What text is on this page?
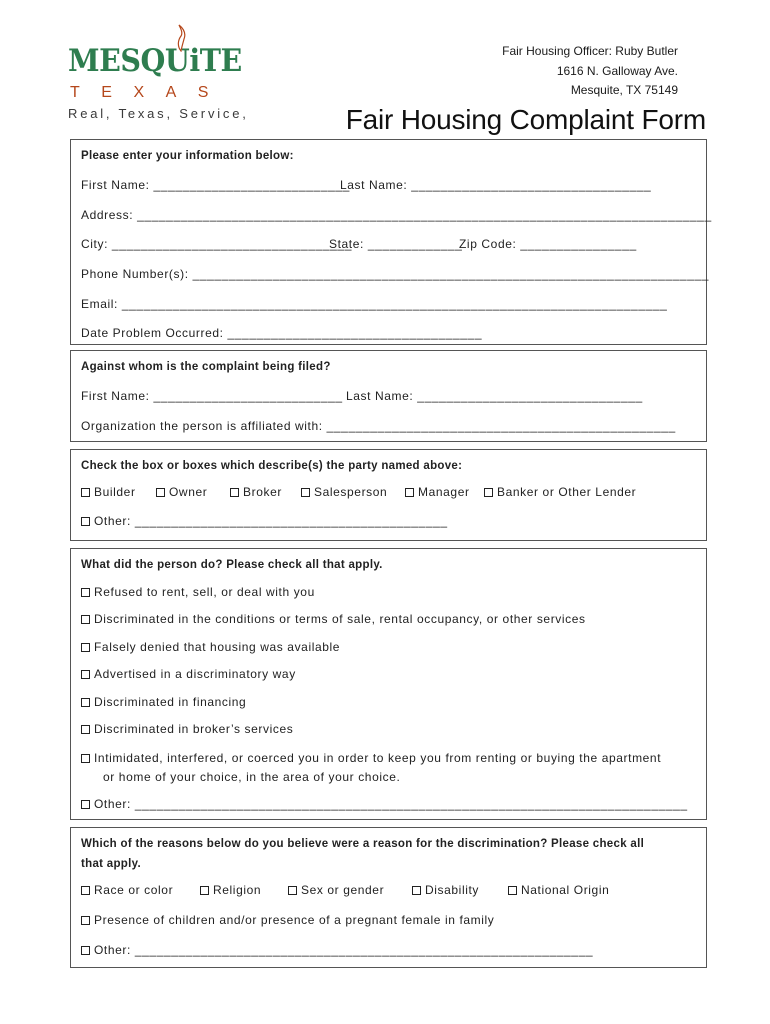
MESQUiTE
TEXAS
Real, Texas, Service,
Fair Housing Officer: Ruby Butler
1616 N. Galloway Ave.
Mesquite, TX 75149
Fair Housing Complaint Form
Please enter your information below:
First Name: ___________________________
Last Name: _________________________________
Address: _______________________________________________________________________________
City: _________________________________
State: _____________
Zip Code: ________________
Phone Number(s): _______________________________________________________________________
Email: ___________________________________________________________________________
Date Problem Occurred: ___________________________________
Against whom is the complaint being filed?
First Name: __________________________ Last Name: _______________________________
Organization the person is affiliated with: ________________________________________________
Check the box or boxes which describe(s) the party named above:
Builder	Owner	Broker	Salesperson	Manager Banker or Other Lender
Other: ___________________________________________
What did the person do? Please check all that apply.
Refused to rent, sell, or deal with you
Discriminated in the conditions or terms of sale, rental occupancy, or other services
Falsely denied that housing was available
Advertised in a discriminatory way
Discriminated in financing
Discriminated in broker’s services
Intimidated, interfered, or coerced you in order to keep you from renting or buying the apartment
or home of your choice, in the area of your choice.
Other: ____________________________________________________________________________
Which of the reasons below do you believe were a reason for the discrimination? Please check all
that apply.
Race or color	Religion	Sex or gender	Disability	National Origin
Presence of children and/or presence of a pregnant female in family
Other: _______________________________________________________________
